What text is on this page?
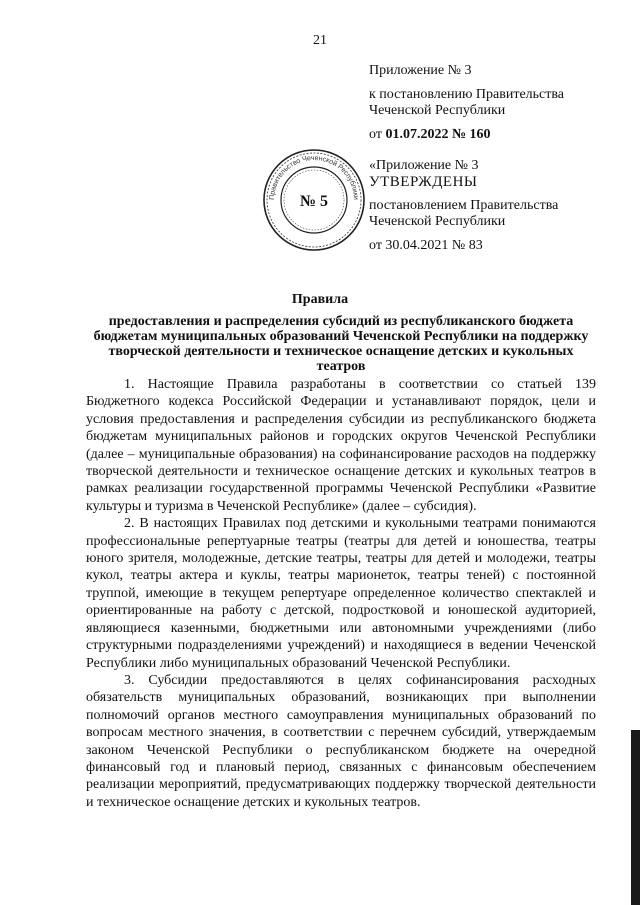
21
Приложение № 3
к постановлению Правительства
Чеченской Республики
от 01.07.2022 № 160
Правительство Чеченской Республики
№ 5
«Приложение № 3
УТВЕРЖДЕНЫ
постановлением Правительства
Чеченской Республики
от 30.04.2021 № 83
Правила

предоставления и распределения субсидий из республиканского бюджета бюджетам муниципальных образований Чеченской Республики на поддержку творческой деятельности и техническое оснащение детских и кукольных театров

1. Настоящие Правила разработаны в соответствии со статьей 139 Бюджетного кодекса Российской Федерации и устанавливают порядок, цели и условия предоставления и распределения субсидии из республиканского бюджета бюджетам муниципальных районов и городских округов Чеченской Республики (далее – муниципальные образования) на софинансирование расходов на поддержку творческой деятельности и техническое оснащение детских и кукольных театров в рамках реализации государственной программы Чеченской Республики «Развитие культуры и туризма в Чеченской Республике» (далее – субсидия).

2. В настоящих Правилах под детскими и кукольными театрами понимаются профессиональные репертуарные театры (театры для детей и юношества, театры юного зрителя, молодежные, детские театры, театры для детей и молодежи, театры кукол, театры актера и куклы, театры марионеток, театры теней) с постоянной труппой, имеющие в текущем репертуаре определенное количество спектаклей и ориентированные на работу с детской, подростковой и юношеской аудиторией, являющиеся казенными, бюджетными или автономными учреждениями (либо структурными подразделениями учреждений) и находящиеся в ведении Чеченской Республики либо муниципальных образований Чеченской Республики.

3. Субсидии предоставляются в целях софинансирования расходных обязательств муниципальных образований, возникающих при выполнении полномочий органов местного самоуправления муниципальных образований по вопросам местного значения, в соответствии с перечнем субсидий, утверждаемым законом Чеченской Республики о республиканском бюджете на очередной финансовый год и плановый период, связанных с финансовым обеспечением реализации мероприятий, предусматривающих поддержку творческой деятельности и техническое оснащение детских и кукольных театров.
